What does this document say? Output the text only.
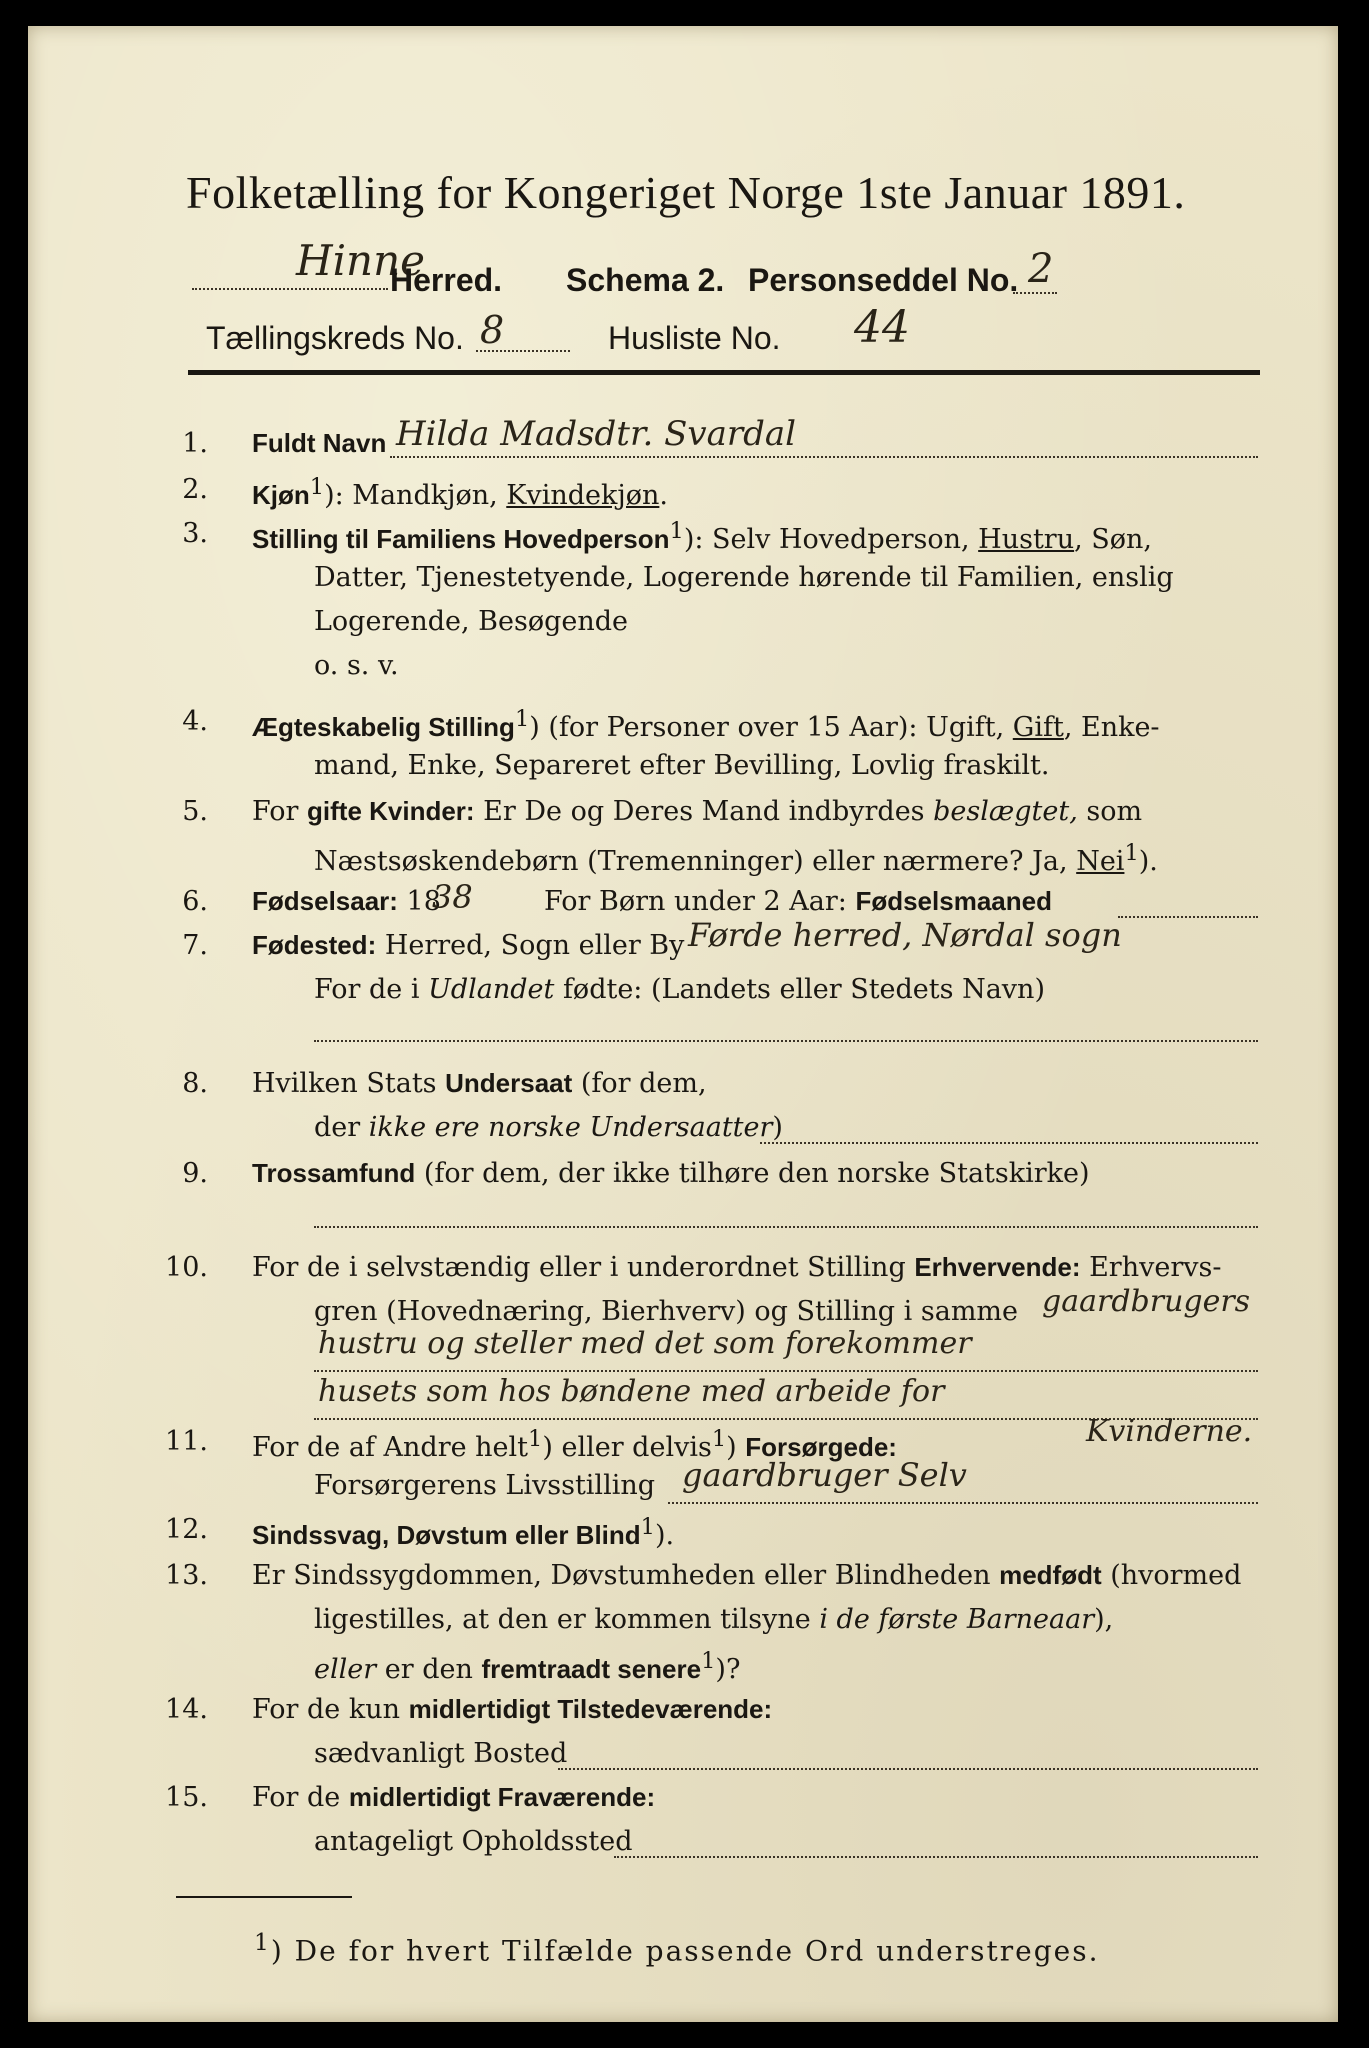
Folketælling for Kongeriget Norge 1ste Januar 1891.
Hinne
Herred. Schema 2. Personseddel No. 2
Tællingskreds No. 8	Husliste No. 44
1. Fuldt Navn Hilda Madsdtr. Svardal
2. Kjøn$^1$): Mandkjøn, Kvindekjøn.
3. Stilling til Familiens Hovedperson$^1$): Selv Hovedperson, Hustru, Søn,
Datter, Tjenestetyende, Logerende hørende til Familien, enslig
Logerende, Besøgende
o. s. v.
4. Ægteskabelig Stilling$^1$) (for Personer over 15 Aar): Ugift, Gift, Enke-
mand, Enke, Separeret efter Bevilling, Lovlig fraskilt.
5. For gifte Kvinder: Er De og Deres Mand indbyrdes beslægtet, som
Næstsøskendebørn (Tremenninger) eller nærmere? Ja, Nei$^1$).
6. Fødselsaar: 18
38	For Børn under 2 Aar: Fødselsmaaned
7. Fødested: Herred, Sogn eller By Førde herred, Nørdal sogn
For de i Udlandet fødte: (Landets eller Stedets Navn)
8. Hvilken Stats Undersaat (for dem,
der ikke ere norske Undersaatter)
9. Trossamfund (for dem, der ikke tilhøre den norske Statskirke)
10. For de i selvstændig eller i underordnet Stilling Erhvervende: Erhvervs-
gren (Hovednæring, Bierhverv) og Stilling i samme gaardbrugers
hustru og steller med det som forekommer
husets som hos bøndene med arbeide for
11. For de af Andre helt$^1$) eller delvis$^1$) Forsørgede:	Kvinderne.
Forsørgerens Livsstilling gaardbruger Selv
12. Sindssvag, Døvstum eller Blind$^1$).
13. Er Sindssygdommen, Døvstumheden eller Blindheden medfødt (hvormed
ligestilles, at den er kommen tilsyne i de første Barneaar),
eller er den fremtraadt senere$^1$)?
14. For de kun midlertidigt Tilstedeværende:
sædvanligt Bosted
15. For de midlertidigt Fraværende:
antageligt Opholdssted
$^1$) De for hvert Tilfælde passende Ord understreges.
